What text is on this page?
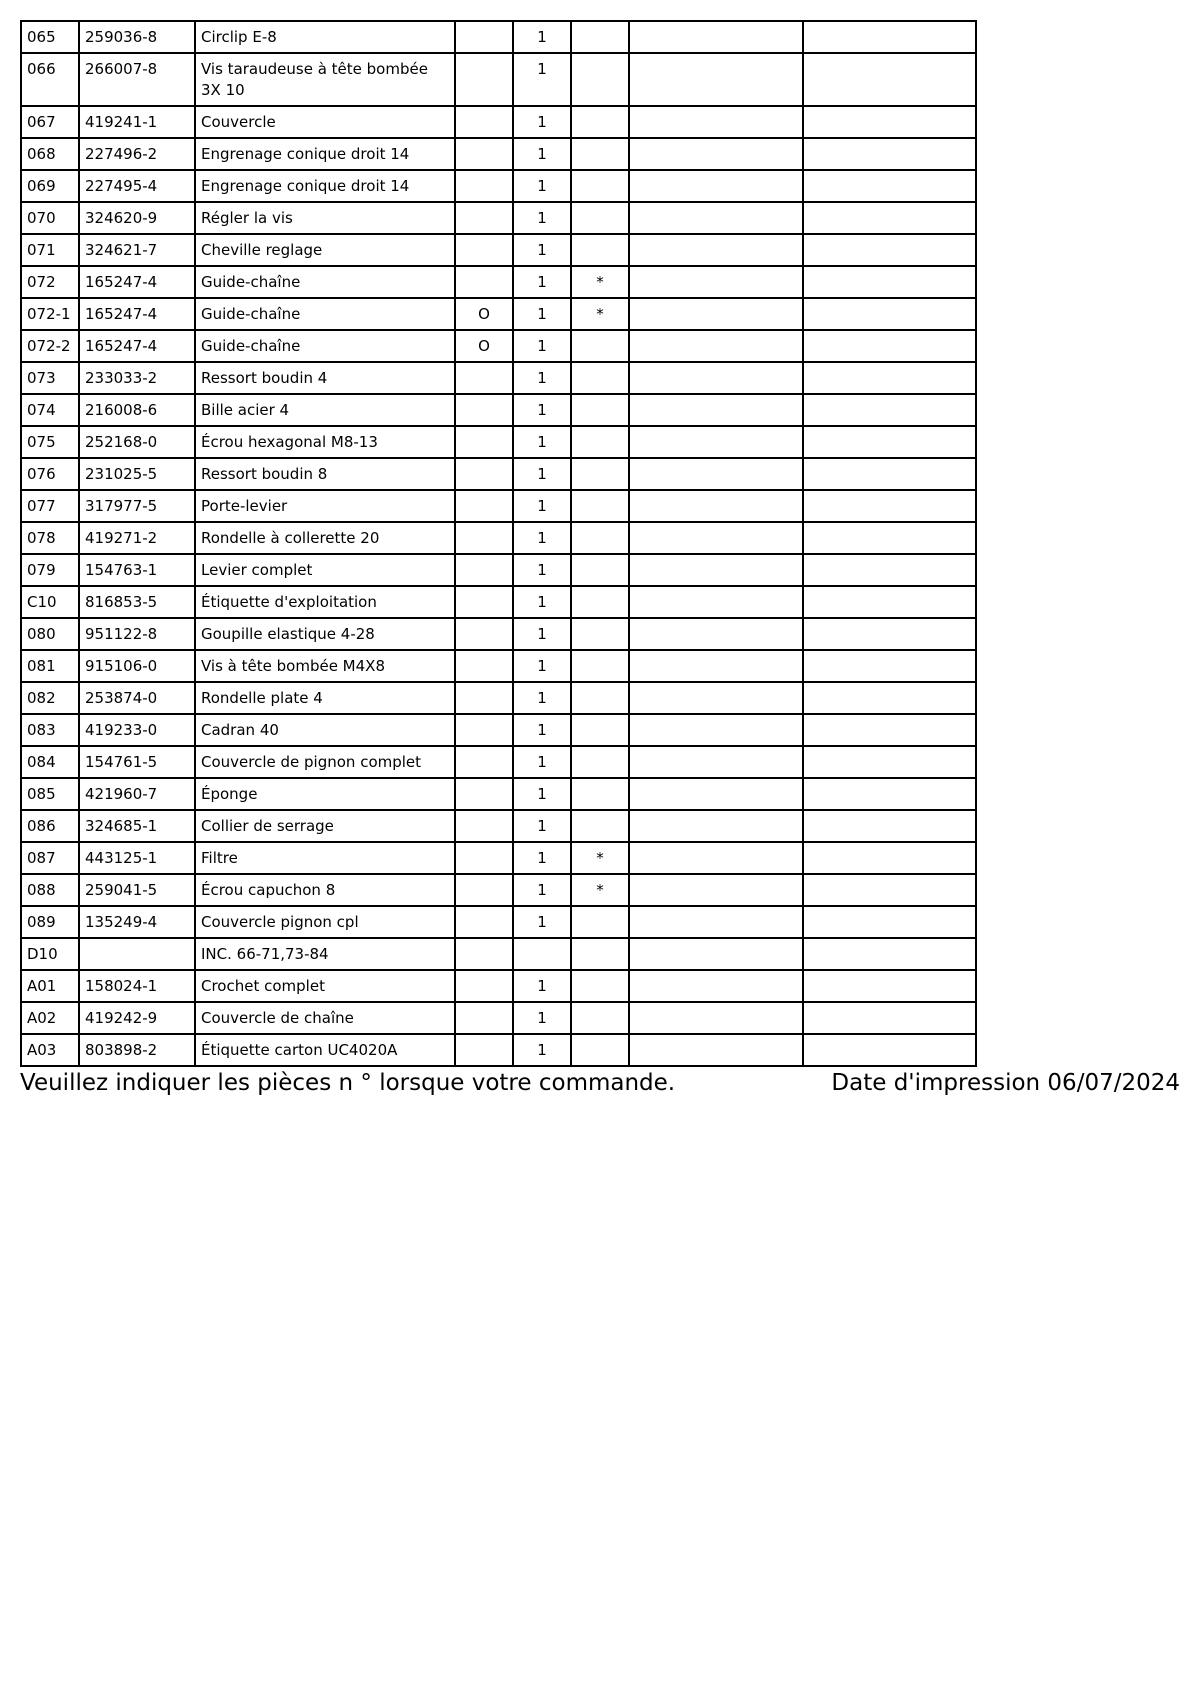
065	259036-8	Circlip E-8		1			
066	266007-8	Vis taraudeuse à tête bombée 3X 10		1			
067	419241-1	Couvercle		1			
068	227496-2	Engrenage conique droit 14		1			
069	227495-4	Engrenage conique droit 14		1			
070	324620-9	Régler la vis		1			
071	324621-7	Cheville reglage		1			
072	165247-4	Guide-chaîne		1	*		
072-1	165247-4	Guide-chaîne	O	1	*		
072-2	165247-4	Guide-chaîne	O	1			
073	233033-2	Ressort boudin 4		1			
074	216008-6	Bille acier 4		1			
075	252168-0	Écrou hexagonal M8-13		1			
076	231025-5	Ressort boudin 8		1			
077	317977-5	Porte-levier		1			
078	419271-2	Rondelle à collerette 20		1			
079	154763-1	Levier complet		1			
C10	816853-5	Étiquette d'exploitation		1			
080	951122-8	Goupille elastique 4-28		1			
081	915106-0	Vis à tête bombée M4X8		1			
082	253874-0	Rondelle plate 4		1			
083	419233-0	Cadran 40		1			
084	154761-5	Couvercle de pignon complet		1			
085	421960-7	Éponge		1			
086	324685-1	Collier de serrage		1			
087	443125-1	Filtre		1	*		
088	259041-5	Écrou capuchon 8		1	*		
089	135249-4	Couvercle pignon cpl		1			
D10		INC. 66-71,73-84					
A01	158024-1	Crochet complet		1			
A02	419242-9	Couvercle de chaîne		1			
A03	803898-2	Étiquette carton UC4020A		1			
Veuillez indiquer les pièces n ° lorsque votre commande.	Date d'impression 06/07/2024
